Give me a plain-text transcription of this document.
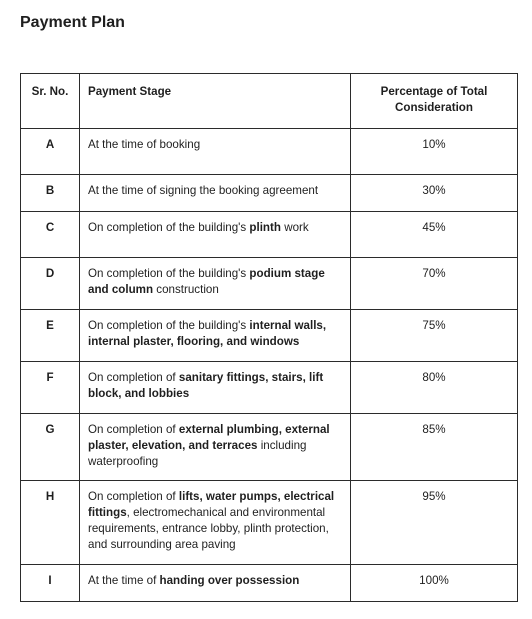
Payment Plan
Sr. No.	Payment Stage	Percentage of Total Consideration
A	At the time of booking	10%
B	At the time of signing the booking agreement	30%
C	On completion of the building's plinth work	45%
D	On completion of the building's podium stage and column construction	70%
E	On completion of the building's internal walls, internal plaster, flooring, and windows	75%
F	On completion of sanitary fittings, stairs, lift block, and lobbies	80%
G	On completion of external plumbing, external plaster, elevation, and terraces including waterproofing	85%
H	On completion of lifts, water pumps, electrical fittings, electromechanical and environmental requirements, entrance lobby, plinth protection, and surrounding area paving	95%
I	At the time of handing over possession	100%
